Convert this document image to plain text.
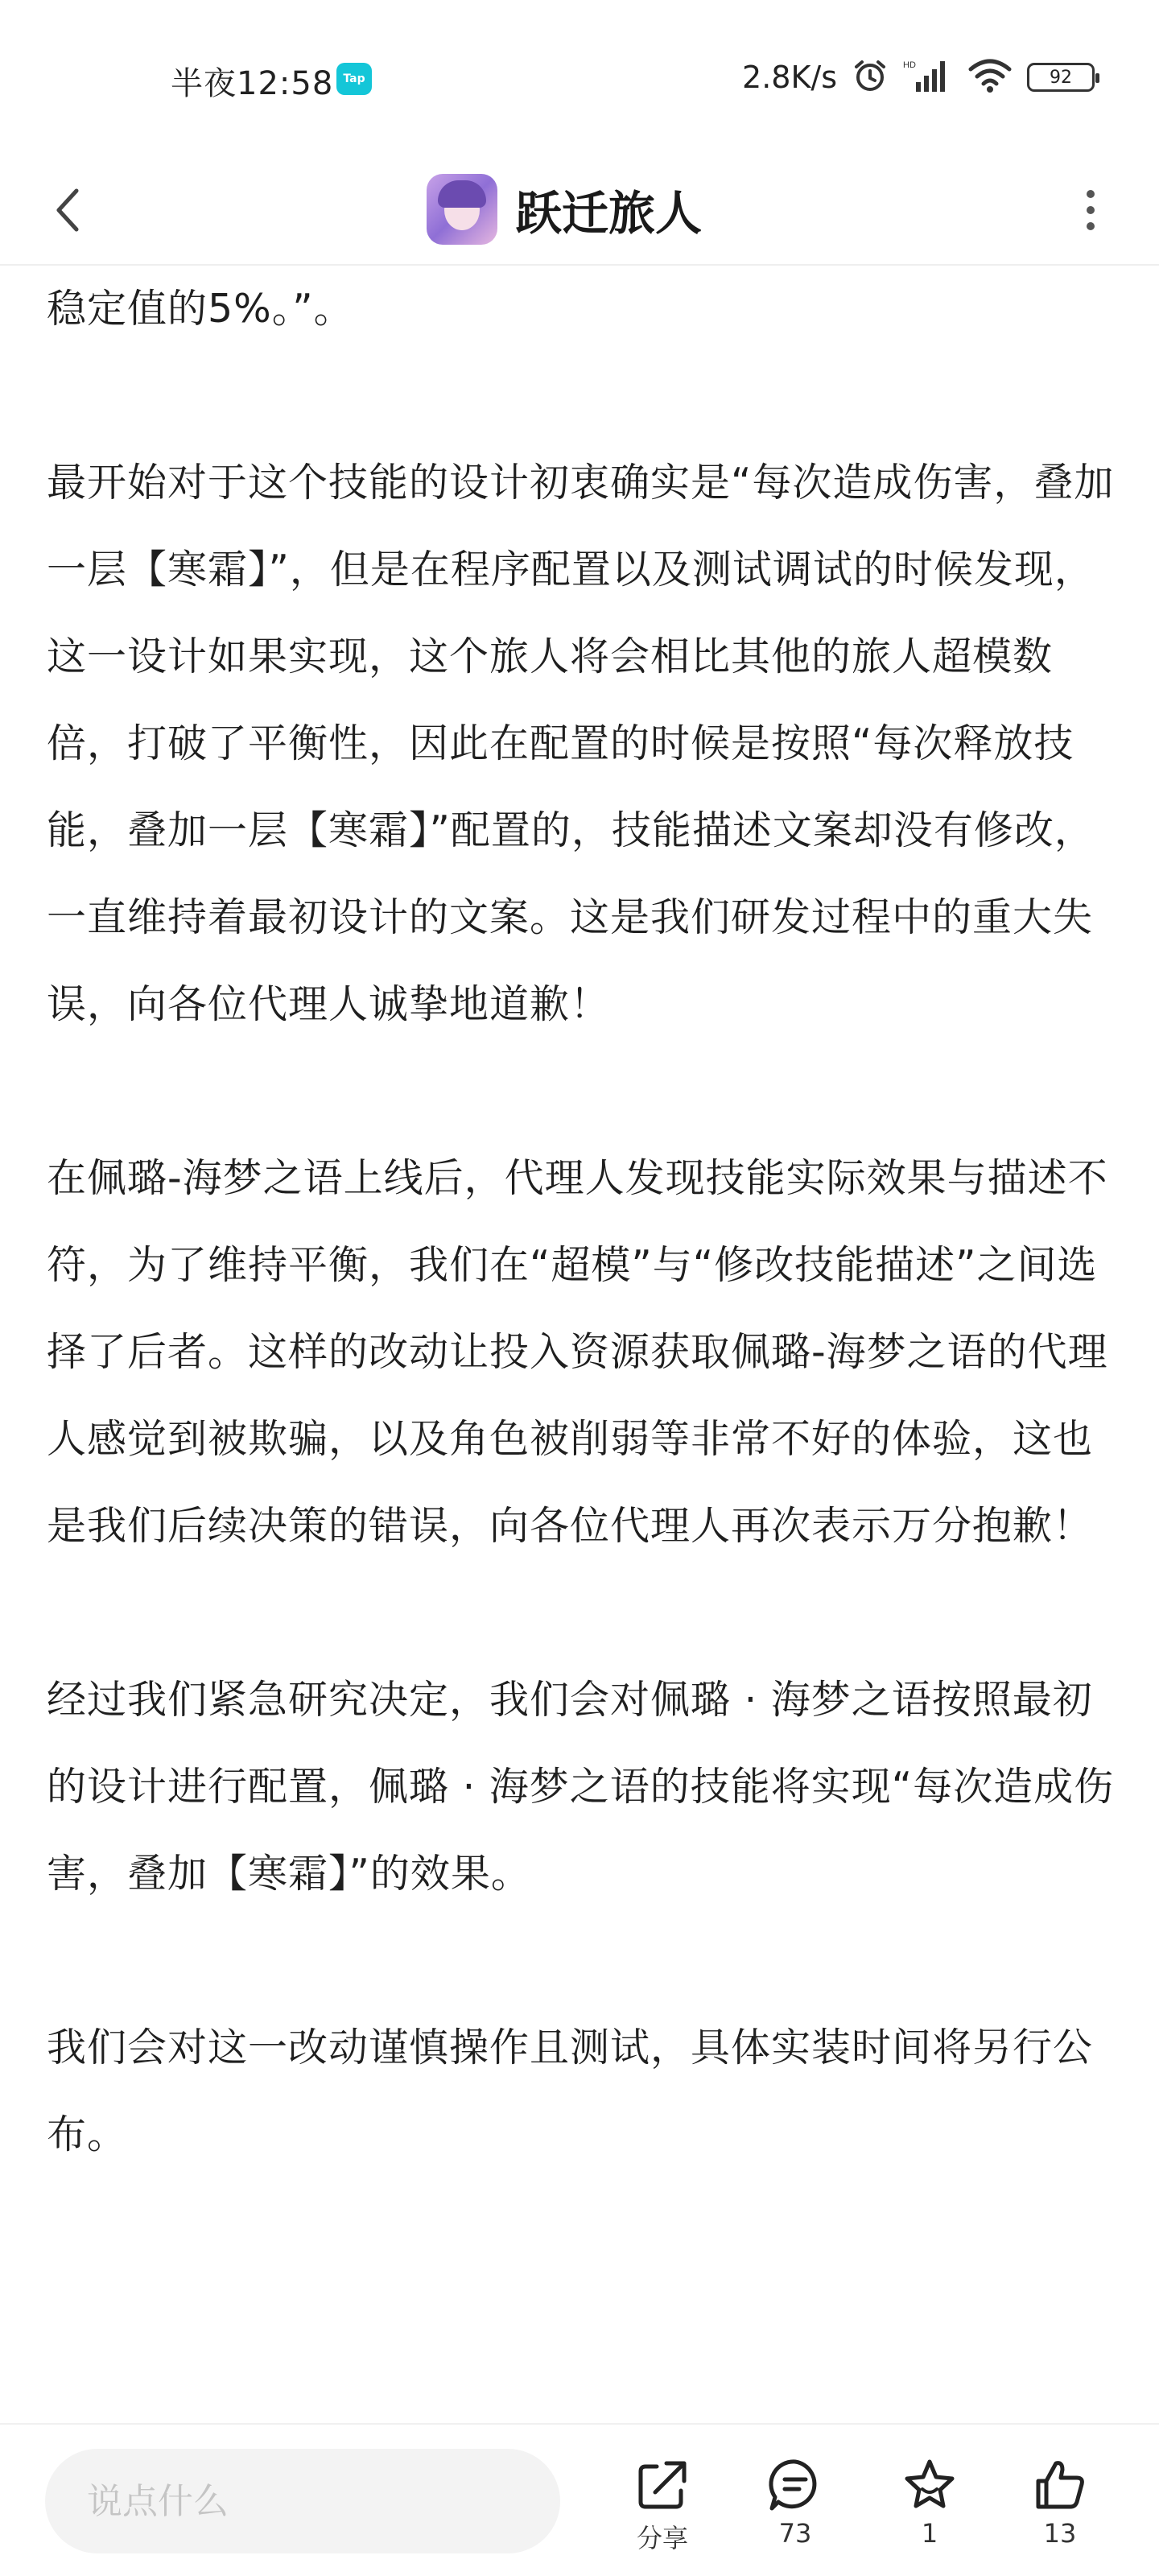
半夜12:58 Tap	2.8K/s	HD
92
跃迁旅人

稳定值的5%。”。

最开始对于这个技能的设计初衷确实是“每次造成伤害，叠加一层【寒霜】”，但是在程序配置以及测试调试的时候发现，这一设计如果实现，这个旅人将会相比其他的旅人超模数倍，打破了平衡性，因此在配置的时候是按照“每次释放技能，叠加一层【寒霜】”配置的，技能描述文案却没有修改，一直维持着最初设计的文案。这是我们研发过程中的重大失误，向各位代理人诚挚地道歉！

在佩璐-海梦之语上线后，代理人发现技能实际效果与描述不符，为了维持平衡，我们在“超模”与“修改技能描述”之间选择了后者。这样的改动让投入资源获取佩璐-海梦之语的代理人感觉到被欺骗，以及角色被削弱等非常不好的体验，这也是我们后续决策的错误，向各位代理人再次表示万分抱歉！

经过我们紧急研究决定，我们会对佩璐 · 海梦之语按照最初的设计进行配置，佩璐 · 海梦之语的技能将实现“每次造成伤害，叠加【寒霜】”的效果。

我们会对这一改动谨慎操作且测试，具体实装时间将另行公布。

说点什么
分享	73	1	13
